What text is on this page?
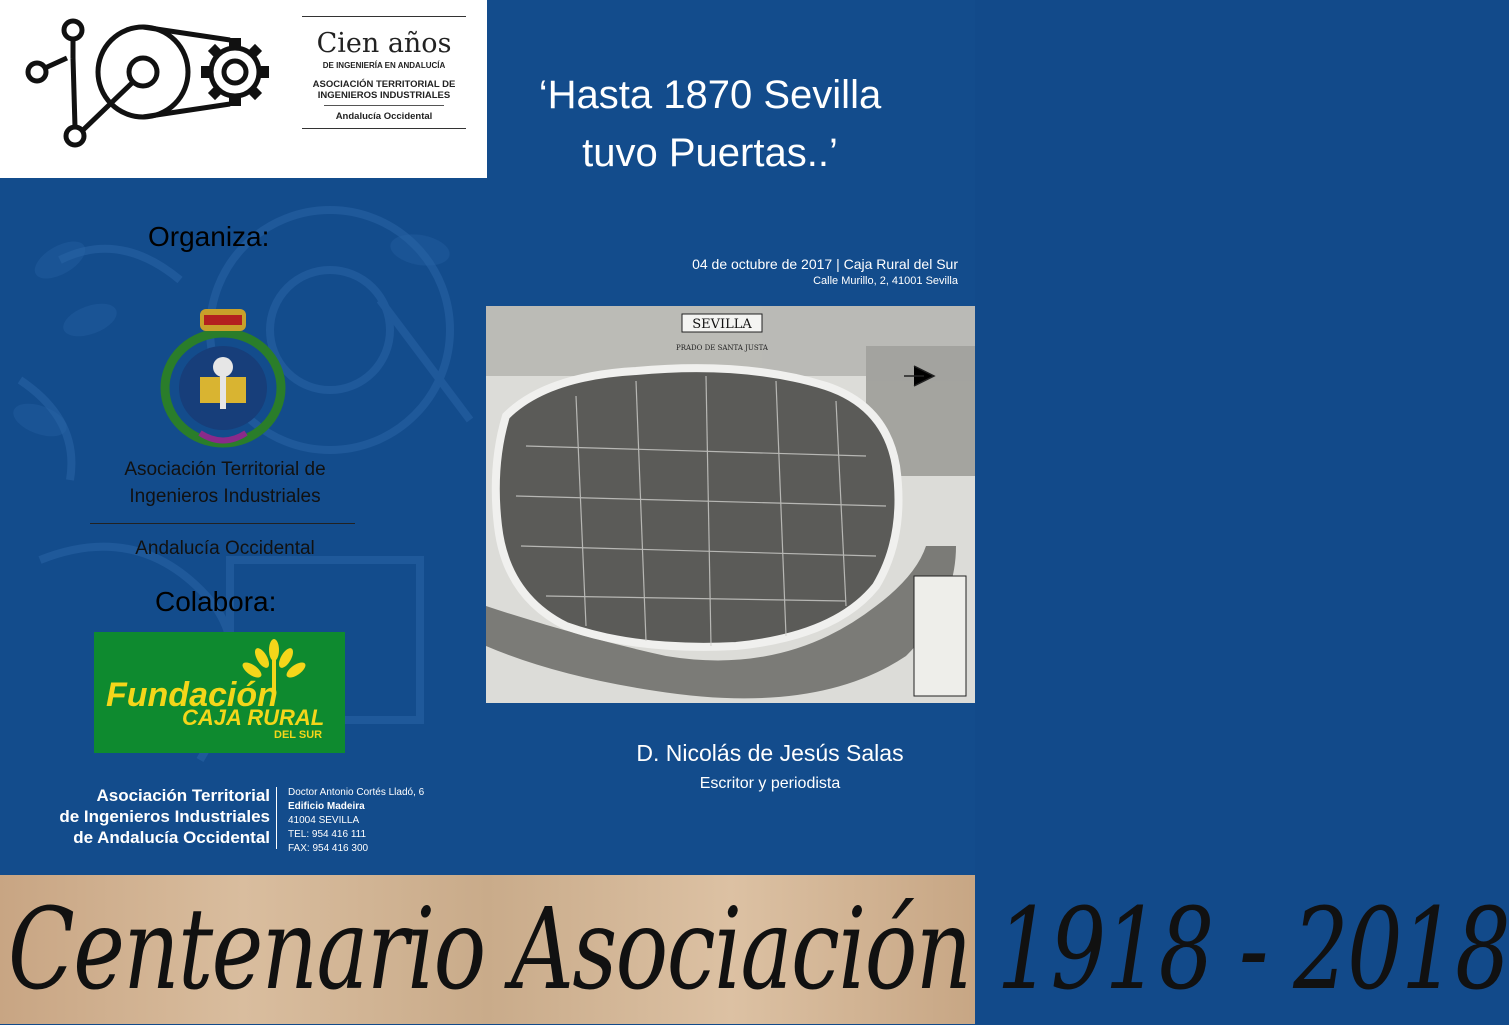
Cien años
DE INGENIERÍA EN ANDALUCÍA
ASOCIACIÓN TERRITORIAL DE
INGENIEROS INDUSTRIALES
Andalucía Occidental	‘Hasta 1870 Sevilla
tuvo Puertas..’
04 de octubre de 2017 | Caja Rural del Sur
Calle Murillo, 2, 41001 Sevilla
SEVILLA
PRADO DE SANTA JUSTA
Organiza:
Asociación Territorial de
Ingenieros Industriales
Andalucía Occidental
Colabora:
Fundación
CAJA RURAL
DEL SUR
Asociación Territorial
de Ingenieros Industriales
de Andalucía Occidental
Doctor Antonio Cortés Lladó, 6
Edificio Madeira
41004 SEVILLA
TEL: 954 416 111
FAX: 954 416 300
D. Nicolás de Jesús Salas
Escritor y periodista
Centenario Asociación 1918 - 2018
